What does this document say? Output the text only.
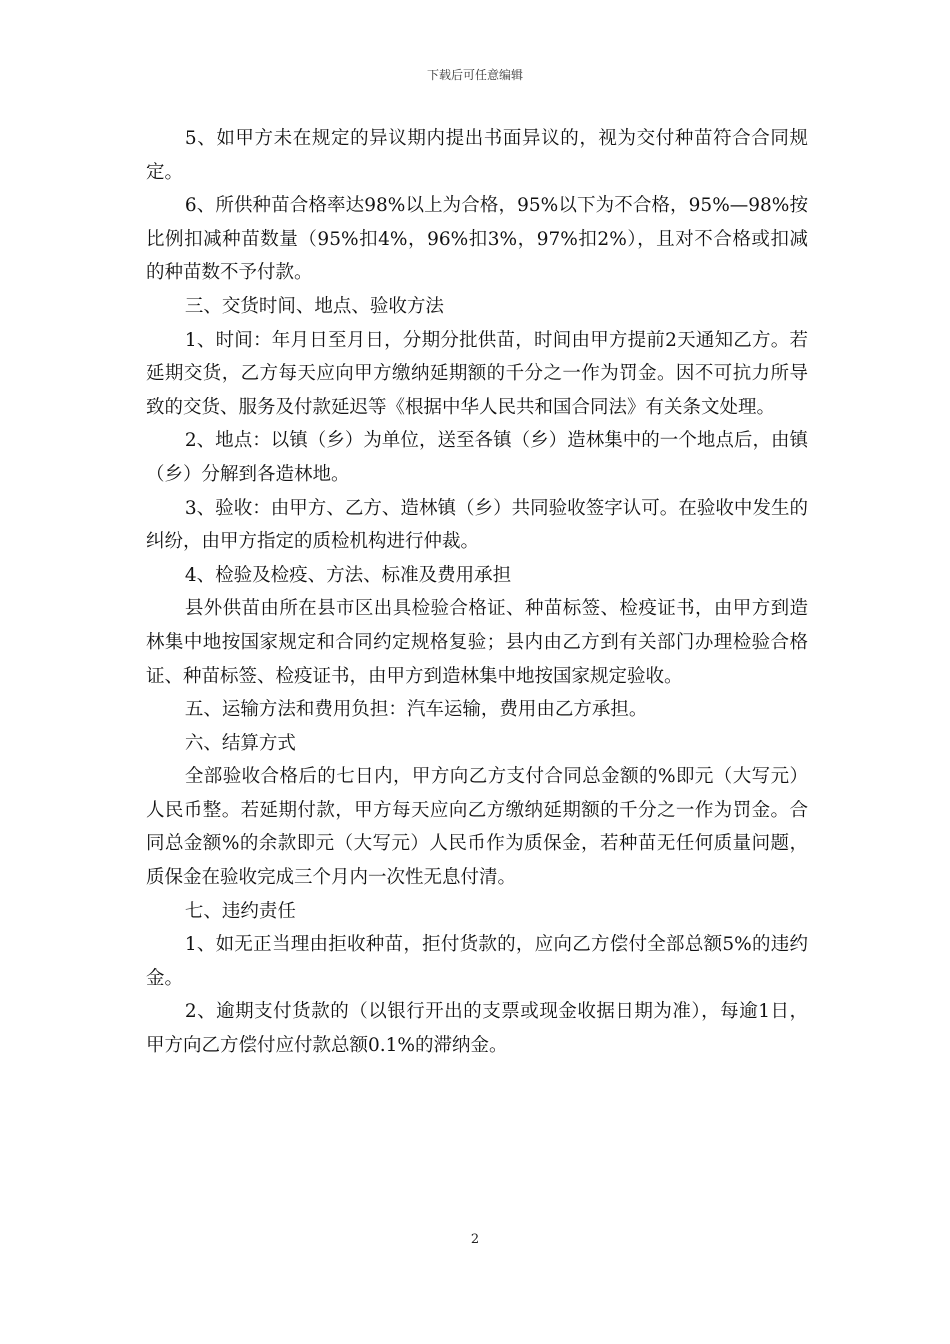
下载后可任意编辑

5、如甲方未在规定的异议期内提出书面异议的，视为交付种苗符合合同规定。

6、所供种苗合格率达98%以上为合格，95%以下为不合格，95%—98%按比例扣减种苗数量（95%扣4%，96%扣3%，97%扣2%），且对不合格或扣减的种苗数不予付款。

三、交货时间、地点、验收方法

1、时间：年月日至月日，分期分批供苗，时间由甲方提前2天通知乙方。若延期交货，乙方每天应向甲方缴纳延期额的千分之一作为罚金。因不可抗力所导致的交货、服务及付款延迟等《根据中华人民共和国合同法》有关条文处理。

2、地点：以镇（乡）为单位，送至各镇（乡）造林集中的一个地点后，由镇（乡）分解到各造林地。

3、验收：由甲方、乙方、造林镇（乡）共同验收签字认可。在验收中发生的纠纷，由甲方指定的质检机构进行仲裁。

4、检验及检疫、方法、标准及费用承担

县外供苗由所在县市区出具检验合格证、种苗标签、检疫证书，由甲方到造林集中地按国家规定和合同约定规格复验；县内由乙方到有关部门办理检验合格证、种苗标签、检疫证书，由甲方到造林集中地按国家规定验收。

五、运输方法和费用负担：汽车运输，费用由乙方承担。

六、结算方式

全部验收合格后的七日内，甲方向乙方支付合同总金额的%即元（大写元）人民币整。若延期付款，甲方每天应向乙方缴纳延期额的千分之一作为罚金。合同总金额%的余款即元（大写元）人民币作为质保金，若种苗无任何质量问题，质保金在验收完成三个月内一次性无息付清。

七、违约责任

1、如无正当理由拒收种苗，拒付货款的，应向乙方偿付全部总额5%的违约金。

2、逾期支付货款的（以银行开出的支票或现金收据日期为准），每逾1日，甲方向乙方偿付应付款总额0.1%的滞纳金。

2
